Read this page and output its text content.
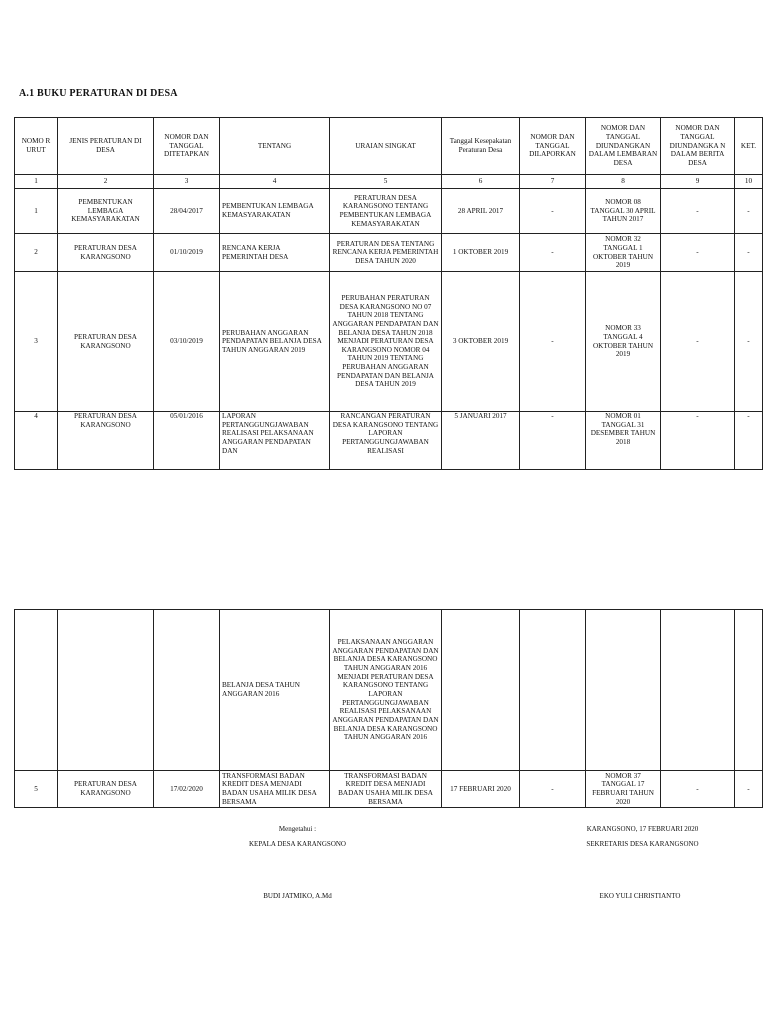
A.1 BUKU PERATURAN DI DESA
NOMO R URUT	JENIS PERATURAN DI DESA	NOMOR DAN TANGGAL DITETAPKAN	TENTANG	URAIAN SINGKAT	Tanggal Kesepakatan Peraturan Desa	NOMOR DAN TANGGAL DILAPORKAN	NOMOR DAN TANGGAL DIUNDANGKAN DALAM LEMBARAN DESA	NOMOR DAN TANGGAL DIUNDANGKA N DALAM BERITA DESA	KET.
1	2	3	4	5	6	7	8	9	10
1	PEMBENTUKAN LEMBAGA KEMASYARAKATAN	28/04/2017	PEMBENTUKAN LEMBAGA KEMASYARAKATAN	PERATURAN DESA KARANGSONO TENTANG PEMBENTUKAN LEMBAGA KEMASYARAKATAN	28 APRIL 2017	-	NOMOR 08 TANGGAL 30 APRIL TAHUN 2017	-	-
2	PERATURAN DESA KARANGSONO	01/10/2019	RENCANA KERJA PEMERINTAH DESA	PERATURAN DESA TENTANG RENCANA KERJA PEMERINTAH DESA TAHUN 2020	1 OKTOBER 2019	-	NOMOR 32 TANGGAL 1 OKTOBER TAHUN 2019	-	-
3	PERATURAN DESA KARANGSONO	03/10/2019	PERUBAHAN ANGGARAN PENDAPATAN BELANJA DESA TAHUN ANGGARAN 2019	PERUBAHAN PERATURAN DESA KARANGSONO NO 07 TAHUN 2018 TENTANG ANGGARAN PENDAPATAN DAN BELANJA DESA TAHUN 2018 MENJADI PERATURAN DESA KARANGSONO NOMOR 04 TAHUN 2019 TENTANG PERUBAHAN ANGGARAN PENDAPATAN DAN BELANJA DESA TAHUN 2019	3 OKTOBER 2019	-	NOMOR 33 TANGGAL 4 OKTOBER TAHUN 2019	-	-
4	PERATURAN DESA KARANGSONO	05/01/2016	LAPORAN PERTANGGUNGJAWABAN REALISASI PELAKSANAAN ANGGARAN PENDAPATAN DAN	RANCANGAN PERATURAN DESA KARANGSONO TENTANG LAPORAN PERTANGGUNGJAWABAN REALISASI	5 JANUARI 2017	-	NOMOR 01 TANGGAL 31 DESEMBER TAHUN 2018	-	-
			BELANJA DESA TAHUN ANGGARAN 2016	PELAKSANAAN ANGGARAN ANGGARAN PENDAPATAN DAN BELANJA DESA KARANGSONO TAHUN ANGGARAN 2016 MENJADI PERATURAN DESA KARANGSONO TENTANG LAPORAN PERTANGGUNGJAWABAN REALISASI PELAKSANAAN ANGGARAN PENDAPATAN DAN BELANJA DESA KARANGSONO TAHUN ANGGARAN 2016					
5	PERATURAN DESA KARANGSONO	17/02/2020	TRANSFORMASI BADAN KREDIT DESA MENJADI BADAN USAHA MILIK DESA BERSAMA	TRANSFORMASI BADAN KREDIT DESA MENJADI BADAN USAHA MILIK DESA BERSAMA	17 FEBRUARI 2020	-	NOMOR 37 TANGGAL 17 FEBRUARI TAHUN 2020	-	-
Mengetahui :
KEPALA DESA KARANGSONO
BUDI JATMIKO, A.Md
KARANGSONO, 17 FEBRUARI 2020
SEKRETARIS DESA KARANGSONO
EKO YULI CHRISTIANTO
